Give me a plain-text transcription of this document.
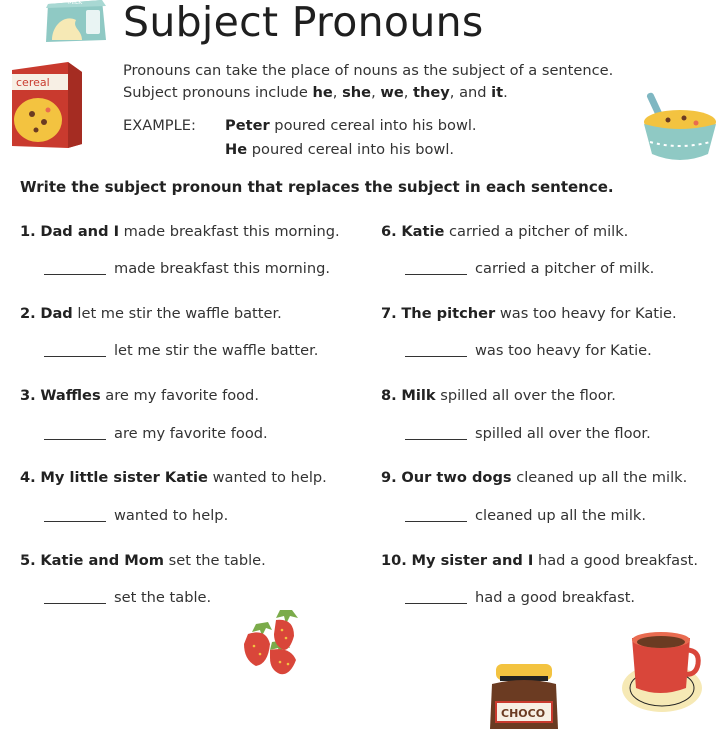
MILK
cereal
CHOCO
Subject Pronouns

Pronouns can take the place of nouns as the subject of a sentence.

Subject pronouns include he, she, we, they, and it.

EXAMPLE: Peter poured cereal into his bowl.
He poured cereal into his bowl.
Write the subject pronoun that replaces the subject in each sentence.
1. Dad and I made breakfast this morning.
made breakfast this morning.
2. Dad let me stir the waffle batter.
let me stir the waffle batter.
3. Waffles are my favorite food.
are my favorite food.
4. My little sister Katie wanted to help.
wanted to help.
5. Katie and Mom set the table.
set the table.
6. Katie carried a pitcher of milk.
carried a pitcher of milk.
7. The pitcher was too heavy for Katie.
was too heavy for Katie.
8. Milk spilled all over the floor.
spilled all over the floor.
9. Our two dogs cleaned up all the milk.
cleaned up all the milk.
10. My sister and I had a good breakfast.
had a good breakfast.
